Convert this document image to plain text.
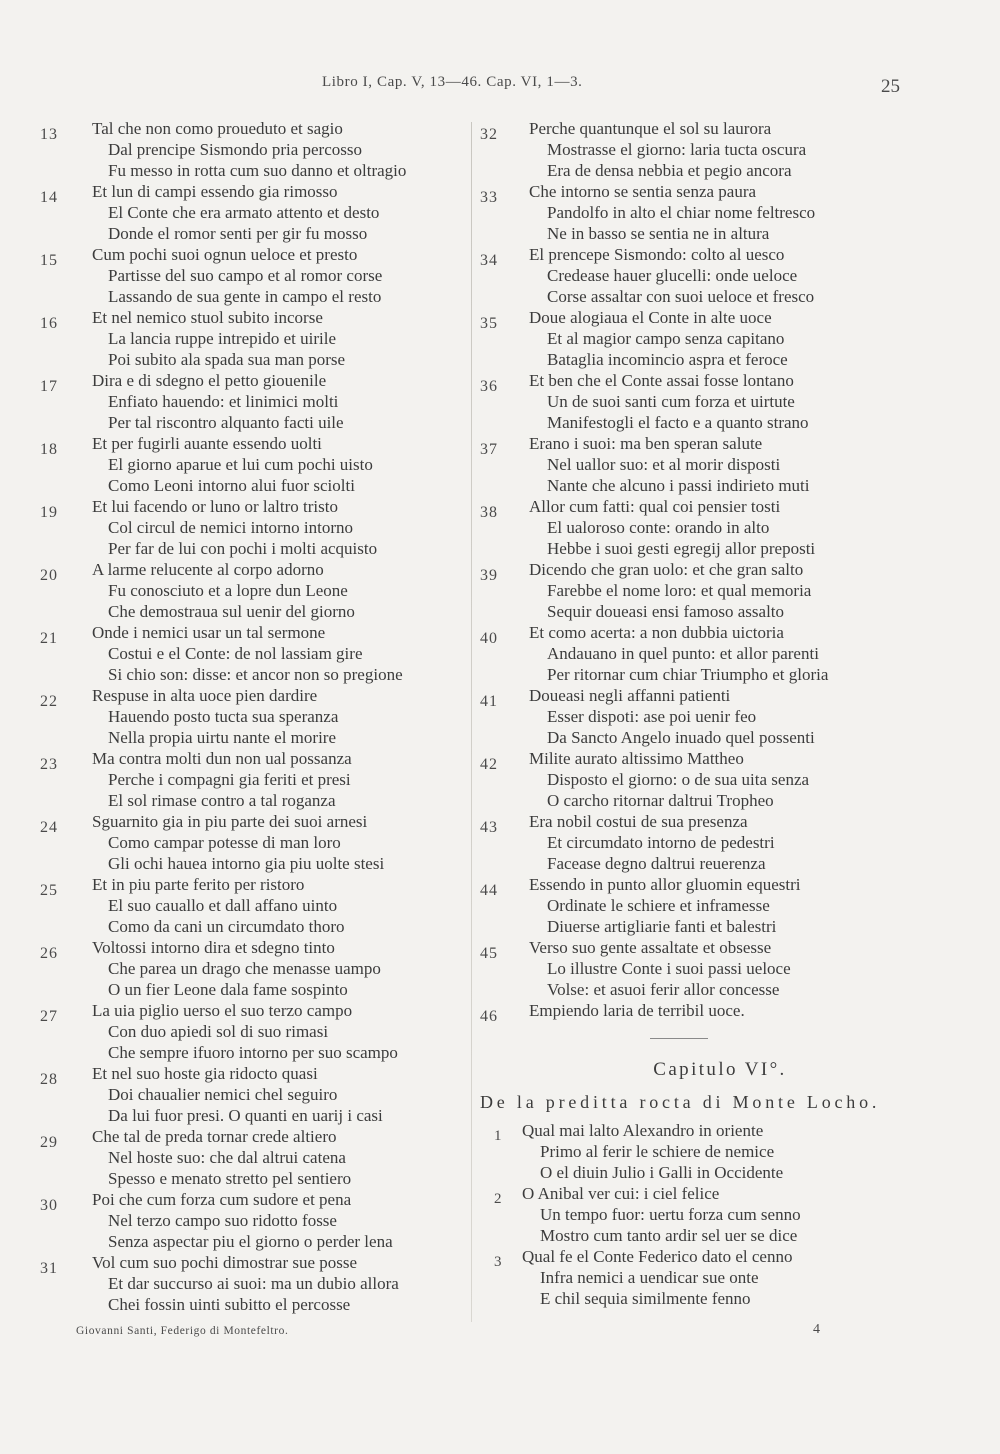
Libro I, Cap. V, 13—46. Cap. VI, 1—3.	25
13	Tal che non como proueduto et sagio
Dal prencipe Sismondo pria percosso
Fu messo in rotta cum suo danno et oltragio
14	Et lun di campi essendo gia rimosso
El Conte che era armato attento et desto
Donde el romor senti per gir fu mosso
15	Cum pochi suoi ognun ueloce et presto
Partisse del suo campo et al romor corse
Lassando de sua gente in campo el resto
16	Et nel nemico stuol subito incorse
La lancia ruppe intrepido et uirile
Poi subito ala spada sua man porse
17	Dira e di sdegno el petto giouenile
Enfiato hauendo: et linimici molti
Per tal riscontro alquanto facti uile
18	Et per fugirli auante essendo uolti
El giorno aparue et lui cum pochi uisto
Como Leoni intorno alui fuor sciolti
19	Et lui facendo or luno or laltro tristo
Col circul de nemici intorno intorno
Per far de lui con pochi i molti acquisto
20	A larme relucente al corpo adorno
Fu conosciuto et a lopre dun Leone
Che demostraua sul uenir del giorno
21	Onde i nemici usar un tal sermone
Costui e el Conte: de nol lassiam gire
Si chio son: disse: et ancor non so pregione
22	Respuse in alta uoce pien dardire
Hauendo posto tucta sua speranza
Nella propia uirtu nante el morire
23	Ma contra molti dun non ual possanza
Perche i compagni gia feriti et presi
El sol rimase contro a tal roganza
24	Sguarnito gia in piu parte dei suoi arnesi
Como campar potesse di man loro
Gli ochi hauea intorno gia piu uolte stesi
25	Et in piu parte ferito per ristoro
El suo cauallo et dall affano uinto
Como da cani un circumdato thoro
26	Voltossi intorno dira et sdegno tinto
Che parea un drago che menasse uampo
O un fier Leone dala fame sospinto
27	La uia piglio uerso el suo terzo campo
Con duo apiedi sol di suo rimasi
Che sempre ifuoro intorno per suo scampo
28	Et nel suo hoste gia ridocto quasi
Doi chaualier nemici chel seguiro
Da lui fuor presi. O quanti en uarij i casi
29	Che tal de preda tornar crede altiero
Nel hoste suo: che dal altrui catena
Spesso e menato stretto pel sentiero
30	Poi che cum forza cum sudore et pena
Nel terzo campo suo ridotto fosse
Senza aspectar piu el giorno o perder lena
31	Vol cum suo pochi dimostrar sue posse
Et dar succurso ai suoi: ma un dubio allora
Chei fossin uinti subitto el percosse
32	Perche quantunque el sol su laurora
Mostrasse el giorno: laria tucta oscura
Era de densa nebbia et pegio ancora
33	Che intorno se sentia senza paura
Pandolfo in alto el chiar nome feltresco
Ne in basso se sentia ne in altura
34	El prencepe Sismondo: colto al uesco
Credease hauer glucelli: onde ueloce
Corse assaltar con suoi ueloce et fresco
35	Doue alogiaua el Conte in alte uoce
Et al magior campo senza capitano
Bataglia incomincio aspra et feroce
36	Et ben che el Conte assai fosse lontano
Un de suoi santi cum forza et uirtute
Manifestogli el facto e a quanto strano
37	Erano i suoi: ma ben speran salute
Nel uallor suo: et al morir disposti
Nante che alcuno i passi indirieto muti
38	Allor cum fatti: qual coi pensier tosti
El ualoroso conte: orando in alto
Hebbe i suoi gesti egregij allor preposti
39	Dicendo che gran uolo: et che gran salto
Farebbe el nome loro: et qual memoria
Sequir doueasi ensi famoso assalto
40	Et como acerta: a non dubbia uictoria
Andauano in quel punto: et allor parenti
Per ritornar cum chiar Triumpho et gloria
41	Doueasi negli affanni patienti
Esser dispoti: ase poi uenir feo
Da Sancto Angelo inuado quel possenti
42	Milite aurato altissimo Mattheo
Disposto el giorno: o de sua uita senza
O carcho ritornar daltrui Tropheo
43	Era nobil costui de sua presenza
Et circumdato intorno de pedestri
Facease degno daltrui reuerenza
44	Essendo in punto allor gluomin equestri
Ordinate le schiere et inframesse
Diuerse artigliarie fanti et balestri
45	Verso suo gente assaltate et obsesse
Lo illustre Conte i suoi passi ueloce
Volse: et asuoi ferir allor concesse
46	Empiendo laria de terribil uoce.
Capitulo VI°.
De la preditta rocta di Monte Locho.
1	Qual mai lalto Alexandro in oriente
Primo al ferir le schiere de nemice
O el diuin Julio i Galli in Occidente
2	O Anibal ver cui: i ciel felice
Un tempo fuor: uertu forza cum senno
Mostro cum tanto ardir sel uer se dice
3	Qual fe el Conte Federico dato el cenno
Infra nemici a uendicar sue onte
E chil sequia similmente fenno
Giovanni Santi, Federigo di Montefeltro.	4
